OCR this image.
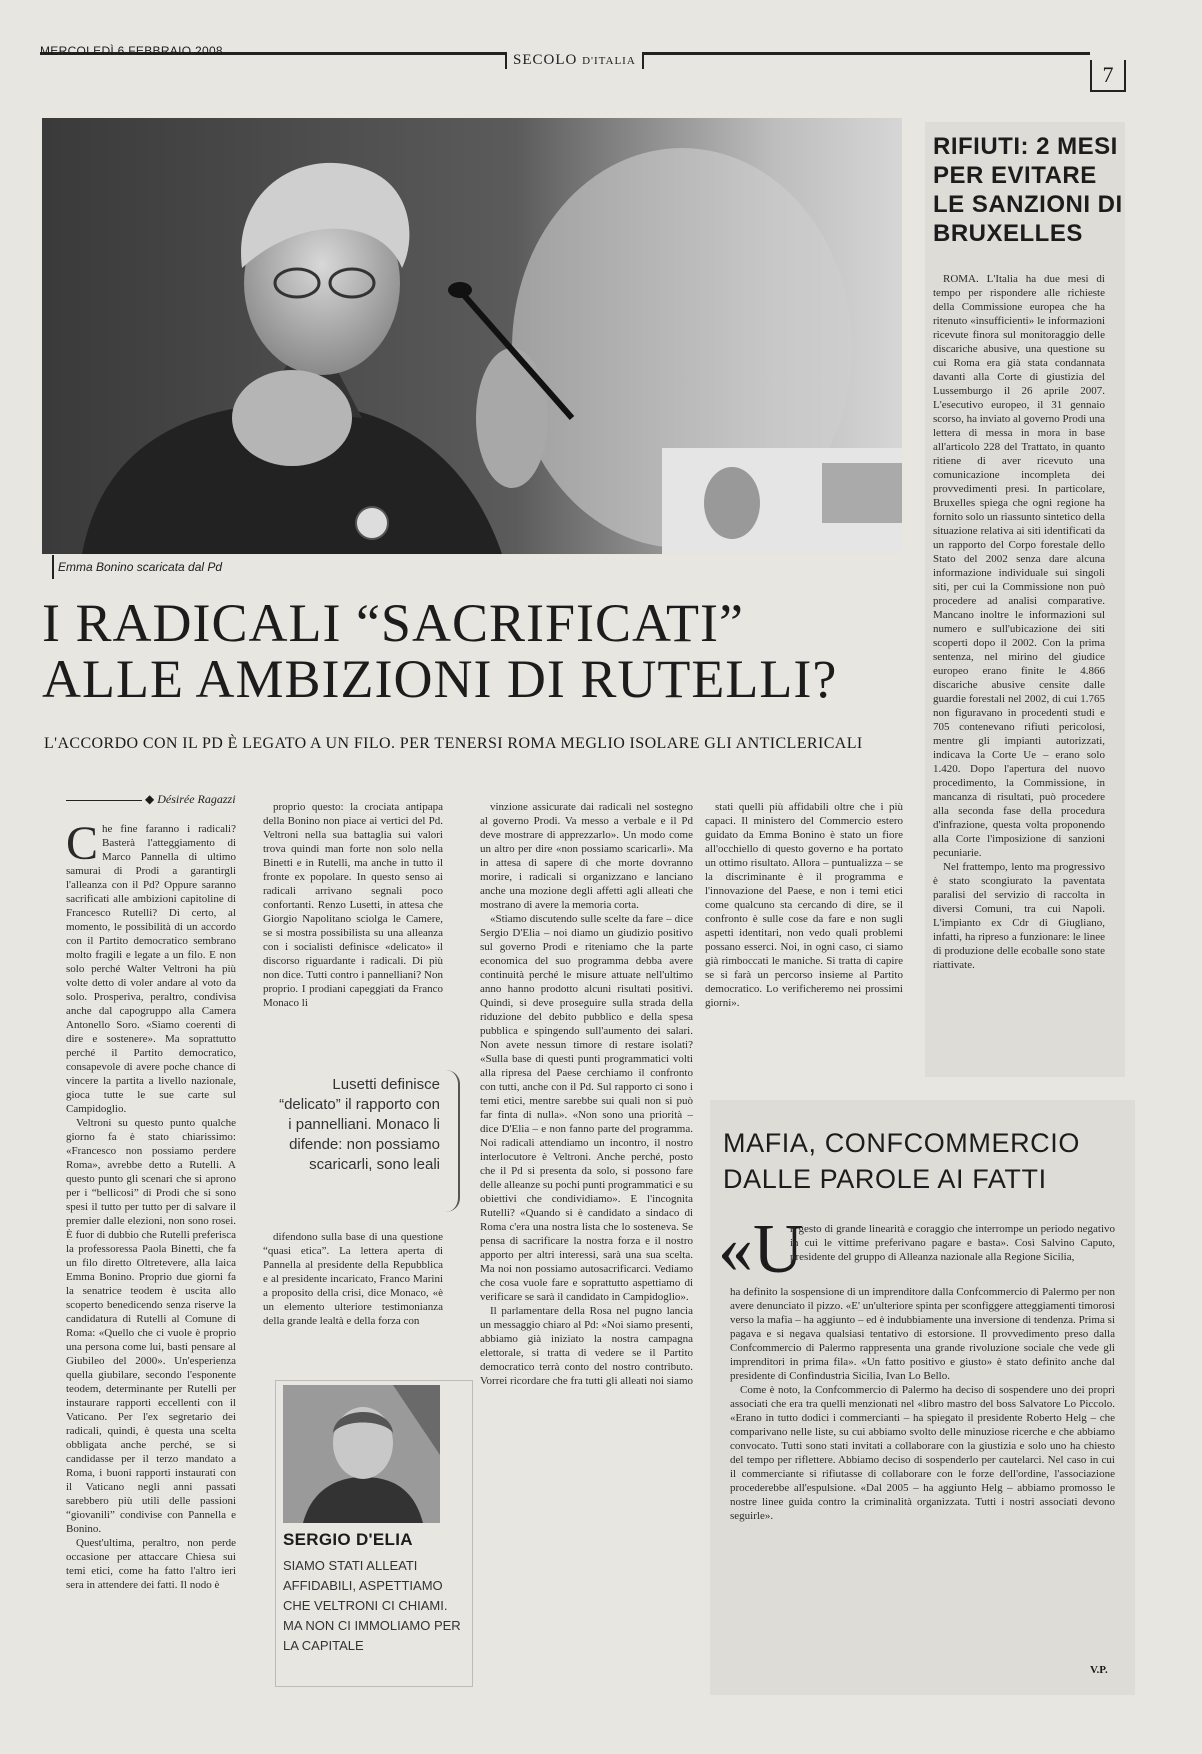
MERCOLEDÌ 6 FEBBRAIO 2008
SECOLO D'ITALIA
7
Emma Bonino scaricata dal Pd
I RADICALI “SACRIFICATI”
ALLE AMBIZIONI DI RUTELLI?
L'ACCORDO CON IL PD È LEGATO A UN FILO. PER TENERSI ROMA MEGLIO ISOLARE GLI ANTICLERICALI
◆ Désirée Ragazzi

Che fine faranno i radicali? Basterà l'atteggiamento di Marco Pannella di ultimo samurai di Prodi a garantirgli l'alleanza con il Pd? Oppure saranno sacrificati alle ambizioni capitoline di Francesco Rutelli? Di certo, al momento, le possibilità di un accordo con il Partito democratico sembrano molto fragili e legate a un filo. E non solo perché Walter Veltroni ha più volte detto di voler andare al voto da solo. Prosperiva, peraltro, condivisa anche dal capogruppo alla Camera Antonello Soro. «Siamo coerenti di dire e sostenere». Ma soprattutto perché il Partito democratico, consapevole di avere poche chance di vincere la partita a livello nazionale, gioca tutte le sue carte sul Campidoglio.

Veltroni su questo punto qualche giorno fa è stato chiarissimo: «Francesco non possiamo perdere Roma», avrebbe detto a Rutelli. A questo punto gli scenari che si aprono per i “bellicosi” di Prodi che si sono spesi il tutto per tutto per di salvare il premier dalle elezioni, non sono rosei. È fuor di dubbio che Rutelli preferisca la professoressa Paola Binetti, che fa un filo diretto Oltretevere, alla laica Emma Bonino. Proprio due giorni fa la senatrice teodem è uscita allo scoperto benedicendo senza riserve la candidatura di Rutelli al Comune di Roma: «Quello che ci vuole è proprio una persona come lui, basti pensare al Giubileo del 2000». Un'esperienza quella giubilare, secondo l'esponente teodem, determinante per Rutelli per instaurare rapporti eccellenti con il Vaticano. Per l'ex segretario dei radicali, quindi, è questa una scelta obbligata anche perché, se si candidasse per il terzo mandato a Roma, i buoni rapporti instaurati con il Vaticano negli anni passati sarebbero più utili delle passioni “giovanili” condivise con Pannella e Bonino.

Quest'ultima, peraltro, non perde occasione per attaccare Chiesa sui temi etici, come ha fatto l'altro ieri sera in attendere dei fatti. Il nodo è

proprio questo: la crociata antipapa della Bonino non piace ai vertici del Pd. Veltroni nella sua battaglia sui valori trova quindi man forte non solo nella Binetti e in Rutelli, ma anche in tutto il fronte ex popolare. In questo senso ai radicali arrivano segnali poco confortanti. Renzo Lusetti, in attesa che Giorgio Napolitano sciolga le Camere, se si mostra possibilista su una alleanza con i socialisti definisce «delicato» il discorso riguardante i radicali. Di più non dice. Tutti contro i pannelliani? Non proprio. I prodiani capeggiati da Franco Monaco li

Lusetti definisce “delicato” il rapporto con i pannelliani. Monaco li difende: non possiamo scaricarli, sono leali

difendono sulla base di una questione “quasi etica”. La lettera aperta di Pannella al presidente della Repubblica e al presidente incaricato, Franco Marini a proposito della crisi, dice Monaco, «è un elemento ulteriore testimonianza della grande lealtà e della forza con

SERGIO D'ELIA
SIAMO STATI ALLEATI AFFIDABILI, ASPETTIAMO CHE VELTRONI CI CHIAMI. MA NON CI IMMOLIAMO PER LA CAPITALE

vinzione assicurate dai radicali nel sostegno al governo Prodi. Va messo a verbale e il Pd deve mostrare di apprezzarlo». Un modo come un altro per dire «non possiamo scaricarli». Ma in attesa di sapere di che morte dovranno morire, i radicali si organizzano e lanciano anche una mozione degli affetti agli alleati che mostrano di avere la memoria corta.

«Stiamo discutendo sulle scelte da fare – dice Sergio D'Elia – noi diamo un giudizio positivo sul governo Prodi e riteniamo che la parte economica del suo programma debba avere continuità perché le misure attuate nell'ultimo anno hanno prodotto alcuni risultati positivi. Quindi, si deve proseguire sulla strada della riduzione del debito pubblico e della spesa pubblica e spingendo sull'aumento dei salari. Non avete nessun timore di restare isolati? «Sulla base di questi punti programmatici volti alla ripresa del Paese cerchiamo il confronto con tutti, anche con il Pd. Sul rapporto ci sono i temi etici, mentre sarebbe sui quali non si può far finta di nulla». «Non sono una priorità – dice D'Elia – e non fanno parte del programma. Noi radicali attendiamo un incontro, il nostro interlocutore è Veltroni. Anche perché, posto che il Pd si presenta da solo, si possono fare delle alleanze su pochi punti programmatici e su obiettivi che condividiamo». E l'incognita Rutelli? «Quando si è candidato a sindaco di Roma c'era una nostra lista che lo sosteneva. Se pensa di sacrificare la nostra forza e il nostro apporto per altri interessi, sarà una sua scelta. Ma noi non possiamo autosacrificarci. Vediamo che cosa vuole fare e soprattutto aspettiamo di verificare se sarà il candidato in Campidoglio».

Il parlamentare della Rosa nel pugno lancia un messaggio chiaro al Pd: «Noi siamo presenti, abbiamo già iniziato la nostra campagna elettorale, si tratta di vedere se il Partito democratico terrà conto del nostro contributo. Vorrei ricordare che fra tutti gli alleati noi siamo

stati quelli più affidabili oltre che i più capaci. Il ministero del Commercio estero guidato da Emma Bonino è stato un fiore all'occhiello di questo governo e ha portato un ottimo risultato. Allora – puntualizza – se la discriminante è il programma e l'innovazione del Paese, e non i temi etici come qualcuno sta cercando di dire, se il confronto è sulle cose da fare e non sugli aspetti identitari, non vedo quali problemi possano esserci. Noi, in ogni caso, ci siamo già rimboccati le maniche. Si tratta di capire se si farà un percorso insieme al Partito democratico. Lo verificheremo nei prossimi giorni».

RIFIUTI: 2 MESI PER EVITARE LE SANZIONI DI BRUXELLES

ROMA. L'Italia ha due mesi di tempo per rispondere alle richieste della Commissione europea che ha ritenuto «insufficienti» le informazioni ricevute finora sul monitoraggio delle discariche abusive, una questione su cui Roma era già stata condannata davanti alla Corte di giustizia del Lussemburgo il 26 aprile 2007. L'esecutivo europeo, il 31 gennaio scorso, ha inviato al governo Prodi una lettera di messa in mora in base all'articolo 228 del Trattato, in quanto ritiene di aver ricevuto una comunicazione incompleta dei provvedimenti presi. In particolare, Bruxelles spiega che ogni regione ha fornito solo un riassunto sintetico della situazione relativa ai siti identificati da un rapporto del Corpo forestale dello Stato del 2002 senza dare alcuna informazione individuale sui singoli siti, per cui la Commissione non può procedere ad analisi comparative. Mancano inoltre le informazioni sul numero e sull'ubicazione dei siti scoperti dopo il 2002. Con la prima sentenza, nel mirino del giudice europeo erano finite le 4.866 discariche abusive censite dalle guardie forestali nel 2002, di cui 1.765 non figuravano in procedenti studi e 705 contenevano rifiuti pericolosi, mentre gli impianti autorizzati, indicava la Corte Ue – erano solo 1.420. Dopo l'apertura del nuovo procedimento, la Commissione, in mancanza di risultati, può procedere alla seconda fase della procedura d'infrazione, questa volta proponendo alla Corte l'imposizione di sanzioni pecuniarie.

Nel frattempo, lento ma progressivo è stato scongiurato la paventata paralisi del servizio di raccolta in diversi Comuni, tra cui Napoli. L'impianto ex Cdr di Giugliano, infatti, ha ripreso a funzionare: le linee di produzione delle ecoballe sono state riattivate.

MAFIA, CONFCOMMERCIO
DALLE PAROLE AI FATTI
«U

n gesto di grande linearità e coraggio che interrompe un periodo negativo in cui le vittime preferivano pagare e basta». Così Salvino Caputo, presidente del gruppo di Alleanza nazionale alla Regione Sicilia,

ha definito la sospensione di un imprenditore dalla Confcommercio di Palermo per non avere denunciato il pizzo. «E' un'ulteriore spinta per sconfiggere atteggiamenti timorosi verso la mafia – ha aggiunto – ed è indubbiamente una inversione di tendenza. Prima si pagava e si negava qualsiasi tentativo di estorsione. Il provvedimento preso dalla Confcommercio di Palermo rappresenta una grande rivoluzione sociale che vede gli imprenditori in prima fila». «Un fatto positivo e giusto» è stato definito anche dal presidente di Confindustria Sicilia, Ivan Lo Bello.

Come è noto, la Confcommercio di Palermo ha deciso di sospendere uno dei propri associati che era tra quelli menzionati nel «libro mastro del boss Salvatore Lo Piccolo. «Erano in tutto dodici i commercianti – ha spiegato il presidente Roberto Helg – che comparivano nelle liste, su cui abbiamo svolto delle minuziose ricerche e che abbiamo convocato. Tutti sono stati invitati a collaborare con la giustizia e solo uno ha chiesto del tempo per riflettere. Abbiamo deciso di sospenderlo per cautelarci. Nel caso in cui il commerciante si rifiutasse di collaborare con le forze dell'ordine, l'associazione procederebbe all'espulsione. «Dal 2005 – ha aggiunto Helg – abbiamo promosso le nostre linee guida contro la criminalità organizzata. Tutti i nostri associati devono seguirle».

V.P.
